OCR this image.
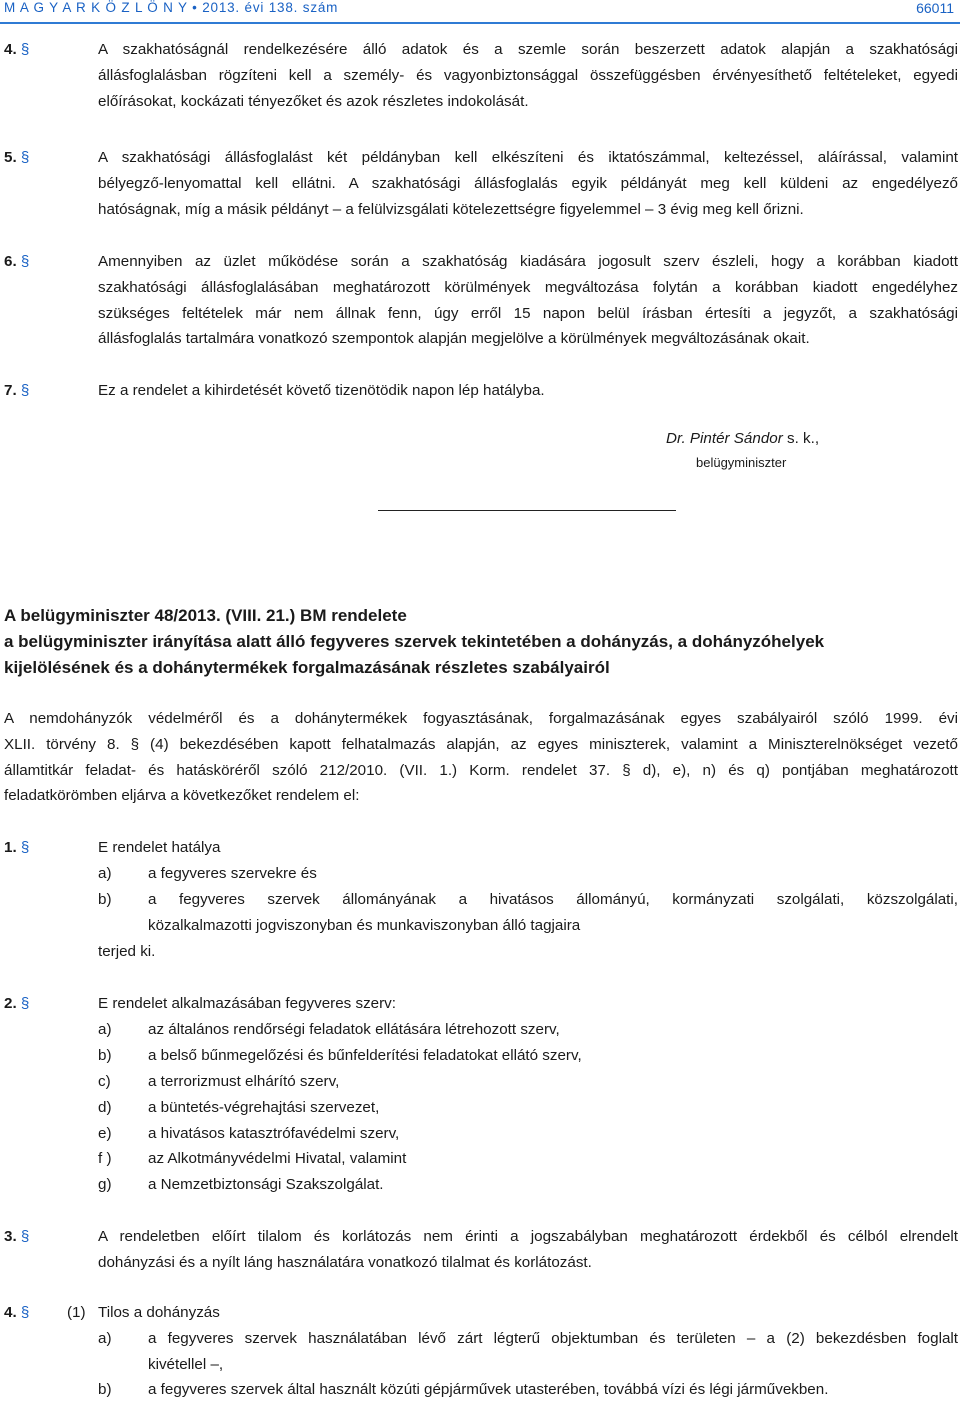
M A G Y A R K Ö Z L Ö N Y • 2013. évi 138. szám	66011
4. §	A szakhatóságnál rendelkezésére álló adatok és a szemle során beszerzett adatok alapján a szakhatósági
állásfoglalásban rögzíteni kell a személy- és vagyonbiztonsággal összefüggésben érvényesíthető feltételeket, egyedi
előírásokat, kockázati tényezőket és azok részletes indokolását.
5. §	A szakhatósági állásfoglalást két példányban kell elkészíteni és iktatószámmal, keltezéssel, aláírással, valamint
bélyegző-lenyomattal kell ellátni. A szakhatósági állásfoglalás egyik példányát meg kell küldeni az engedélyező
hatóságnak, míg a másik példányt – a felülvizsgálati kötelezettségre figyelemmel – 3 évig meg kell őrizni.
6. §	Amennyiben az üzlet működése során a szakhatóság kiadására jogosult szerv észleli, hogy a korábban kiadott
szakhatósági állásfoglalásában meghatározott körülmények megváltozása folytán a korábban kiadott engedélyhez
szükséges feltételek már nem állnak fenn, úgy erről 15 napon belül írásban értesíti a jegyzőt, a szakhatósági
állásfoglalás tartalmára vonatkozó szempontok alapján megjelölve a körülmények megváltozásának okait.
7. §	Ez a rendelet a kihirdetését követő tizenötödik napon lép hatályba.
Dr. Pintér Sándor s. k.,
belügyminiszter
A belügyminiszter 48/2013. (VIII. 21.) BM rendelete
a belügyminiszter irányítása alatt álló fegyveres szervek tekintetében a dohányzás, a dohányzóhelyek
kijelölésének és a dohánytermékek forgalmazásának részletes szabályairól
A nemdohányzók védelméről és a dohánytermékek fogyasztásának, forgalmazásának egyes szabályairól szóló 1999. évi
XLII. törvény 8. § (4) bekezdésében kapott felhatalmazás alapján, az egyes miniszterek, valamint a Miniszterelnökséget vezető
államtitkár feladat- és hatásköréről szóló 212/2010. (VII. 1.) Korm. rendelet 37. § d), e), n) és q) pontjában meghatározott
feladatkörömben eljárva a következőket rendelem el:
1. §	E rendelet hatálya
a) a fegyveres szervekre és
b) a fegyveres szervek állományának a hivatásos állományú, kormányzati szolgálati, közszolgálati,
közalkalmazotti jogviszonyban és munkaviszonyban álló tagjaira
terjed ki.
2. §	E rendelet alkalmazásában fegyveres szerv:
a) az általános rendőrségi feladatok ellátására létrehozott szerv,
b) a belső bűnmegelőzési és bűnfelderítési feladatokat ellátó szerv,
c) a terrorizmust elhárító szerv,
d) a büntetés-végrehajtási szervezet,
e) a hivatásos katasztrófavédelmi szerv,
f ) az Alkotmányvédelmi Hivatal, valamint
g) a Nemzetbiztonsági Szakszolgálat.
3. §	A rendeletben előírt tilalom és korlátozás nem érinti a jogszabályban meghatározott érdekből és célból elrendelt
dohányzási és a nyílt láng használatára vonatkozó tilalmat és korlátozást.
4. § (1) Tilos a dohányzás
a) a fegyveres szervek használatában lévő zárt légterű objektumban és területen – a (2) bekezdésben foglalt
kivétellel –,
b) a fegyveres szervek által használt közúti gépjárművek utasterében, továbbá vízi és légi járművekben.
